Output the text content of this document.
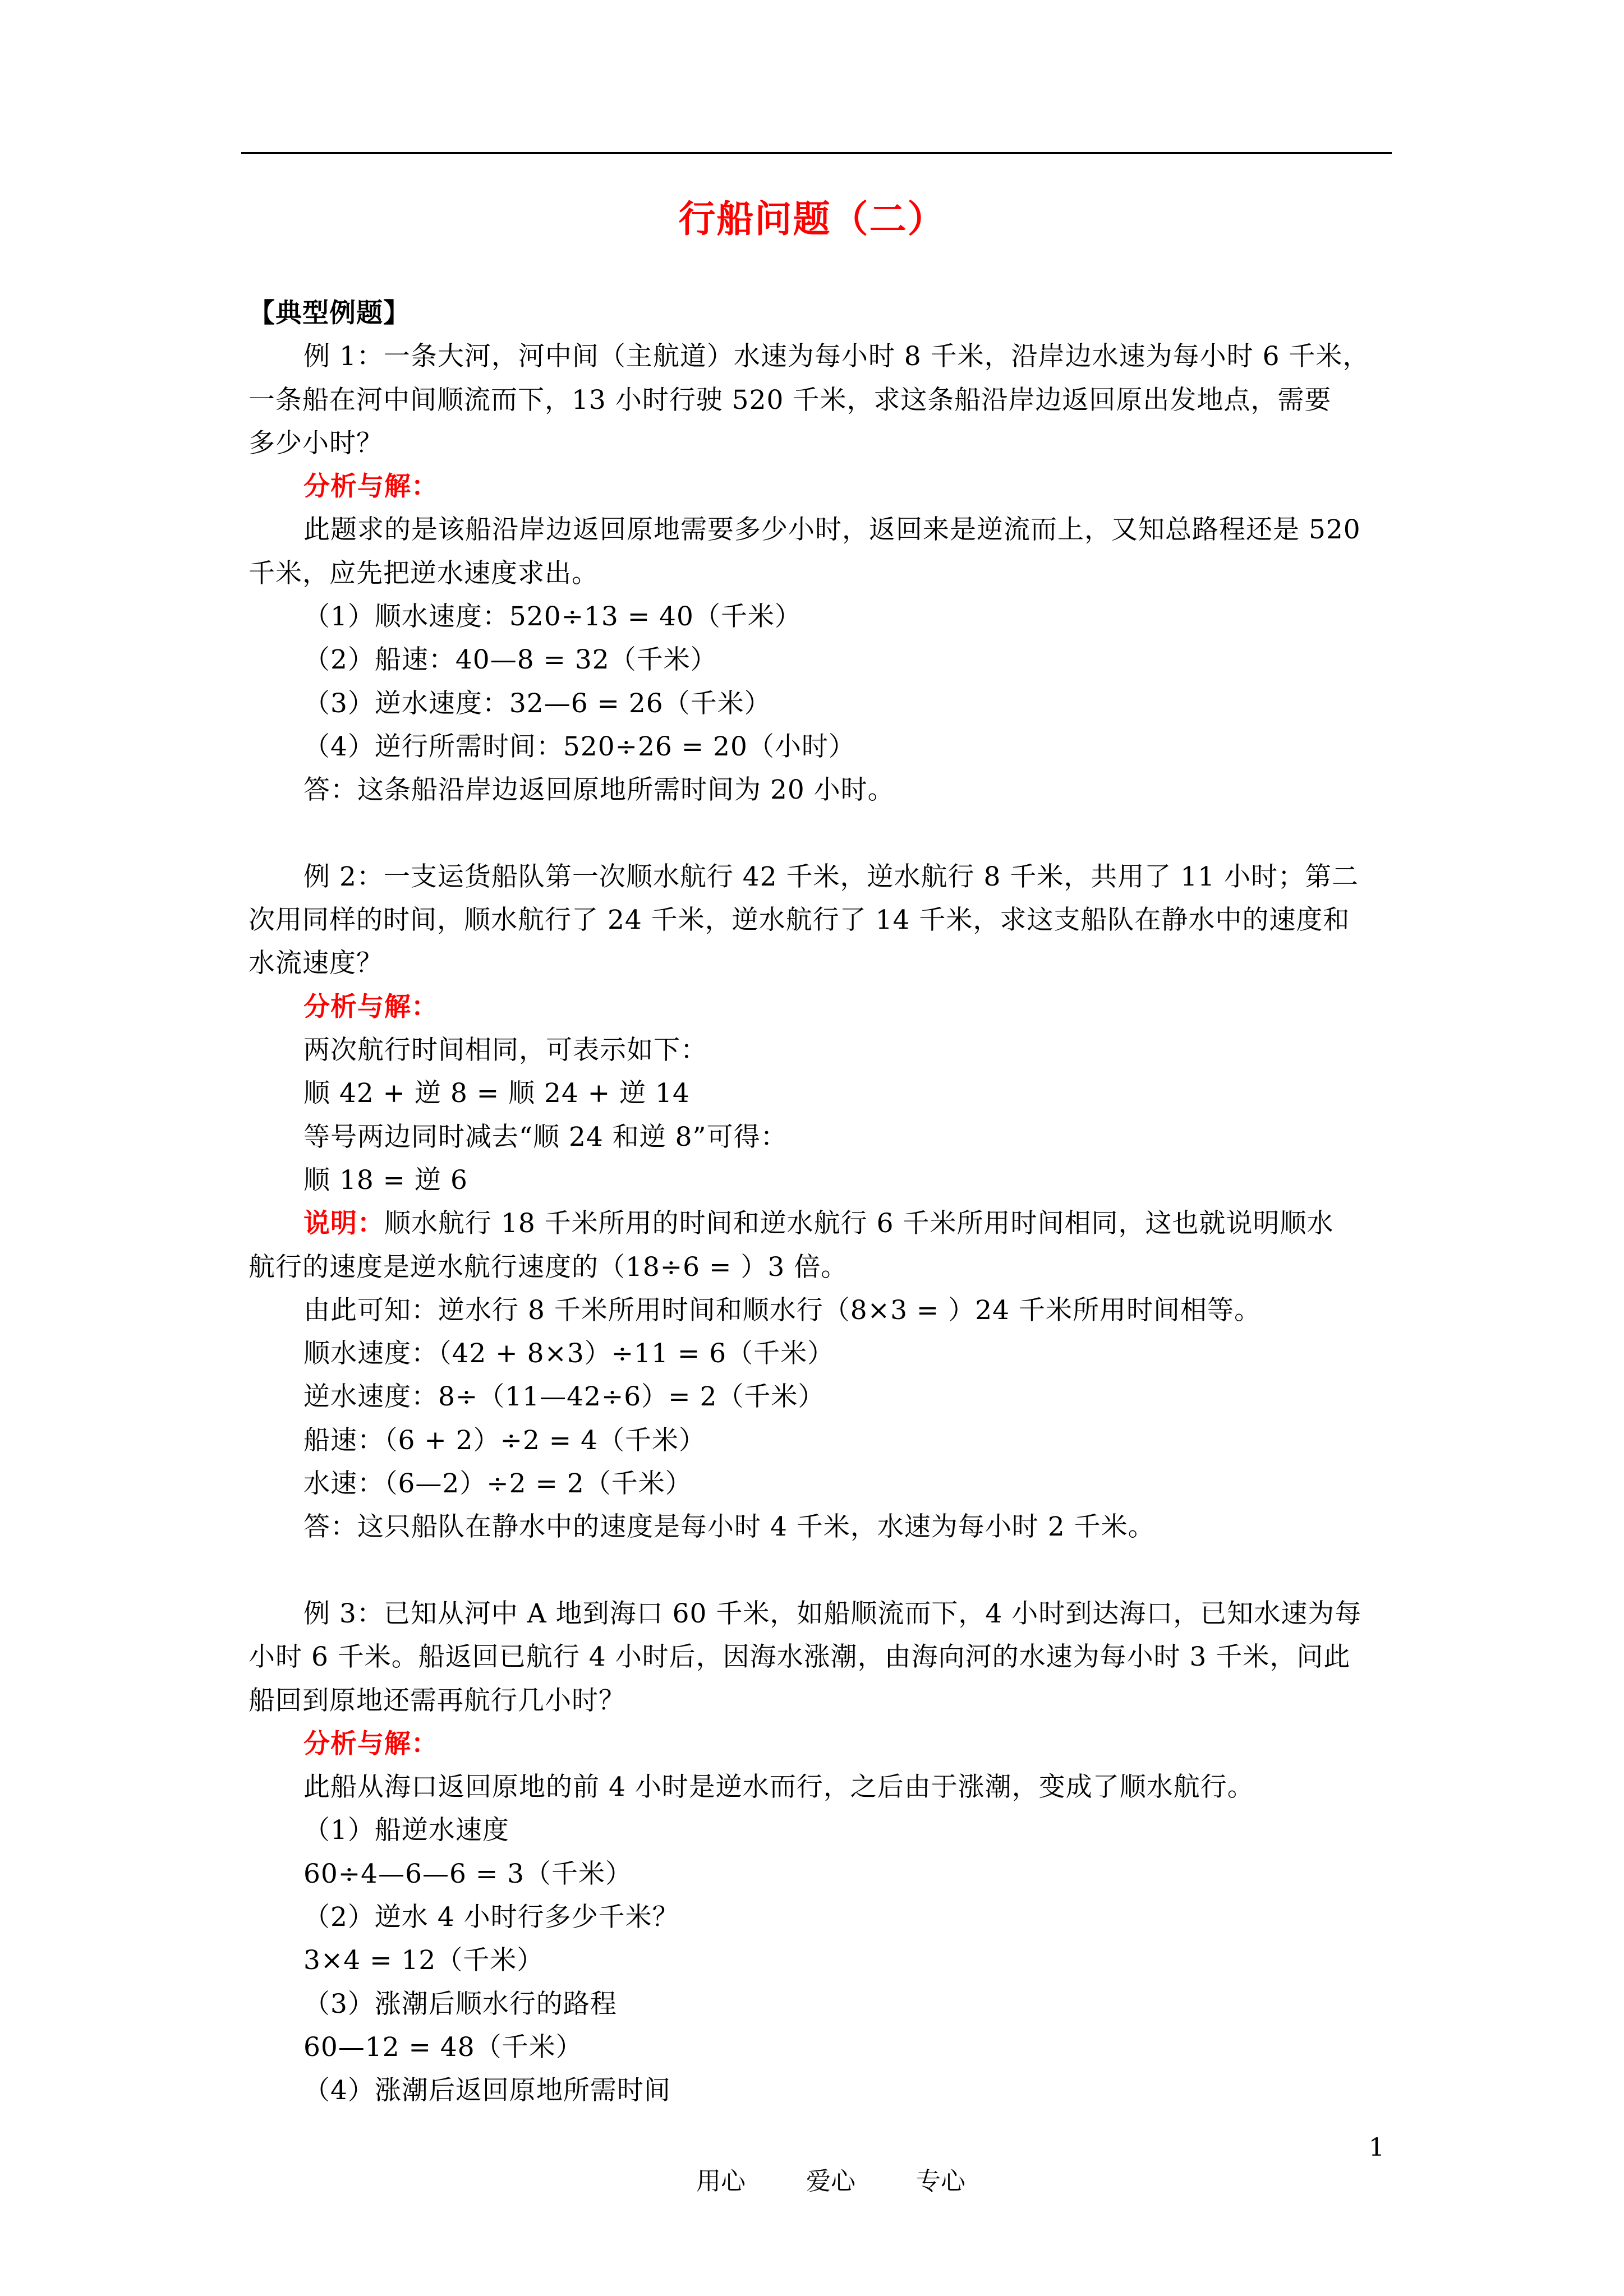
行船问题（二）
【典型例题】
例 1：一条大河，河中间（主航道）水速为每小时 8 千米，沿岸边水速为每小时 6 千米，
一条船在河中间顺流而下，13 小时行驶 520 千米，求这条船沿岸边返回原出发地点，需要
多少小时？
分析与解：
此题求的是该船沿岸边返回原地需要多少小时，返回来是逆流而上，又知总路程还是 520
千米，应先把逆水速度求出。
（1）顺水速度：520÷13 = 40（千米）
（2）船速：40—8 = 32（千米）
（3）逆水速度：32—6 = 26（千米）
（4）逆行所需时间：520÷26 = 20（小时）
答：这条船沿岸边返回原地所需时间为 20 小时。
例 2：一支运货船队第一次顺水航行 42 千米，逆水航行 8 千米，共用了 11 小时；第二
次用同样的时间，顺水航行了 24 千米，逆水航行了 14 千米，求这支船队在静水中的速度和
水流速度？
分析与解：
两次航行时间相同，可表示如下：
顺 42 + 逆 8 = 顺 24 + 逆 14
等号两边同时减去“顺 24 和逆 8”可得：
顺 18 = 逆 6
说明：顺水航行 18 千米所用的时间和逆水航行 6 千米所用时间相同，这也就说明顺水
航行的速度是逆水航行速度的（18÷6 = ）3 倍。
由此可知：逆水行 8 千米所用时间和顺水行（8×3 = ）24 千米所用时间相等。
顺水速度：（42 + 8×3）÷11 = 6（千米）
逆水速度：8÷（11—42÷6）= 2（千米）
船速：（6 + 2）÷2 = 4（千米）
水速：（6—2）÷2 = 2（千米）
答：这只船队在静水中的速度是每小时 4 千米，水速为每小时 2 千米。
例 3：已知从河中 A 地到海口 60 千米，如船顺流而下，4 小时到达海口，已知水速为每
小时 6 千米。船返回已航行 4 小时后，因海水涨潮，由海向河的水速为每小时 3 千米，问此
船回到原地还需再航行几小时？
分析与解：
此船从海口返回原地的前 4 小时是逆水而行，之后由于涨潮，变成了顺水航行。
（1）船逆水速度
60÷4—6—6 = 3（千米）
（2）逆水 4 小时行多少千米？
3×4 = 12（千米）
（3）涨潮后顺水行的路程
60—12 = 48（千米）
（4）涨潮后返回原地所需时间

用心 爱心 专心

1
